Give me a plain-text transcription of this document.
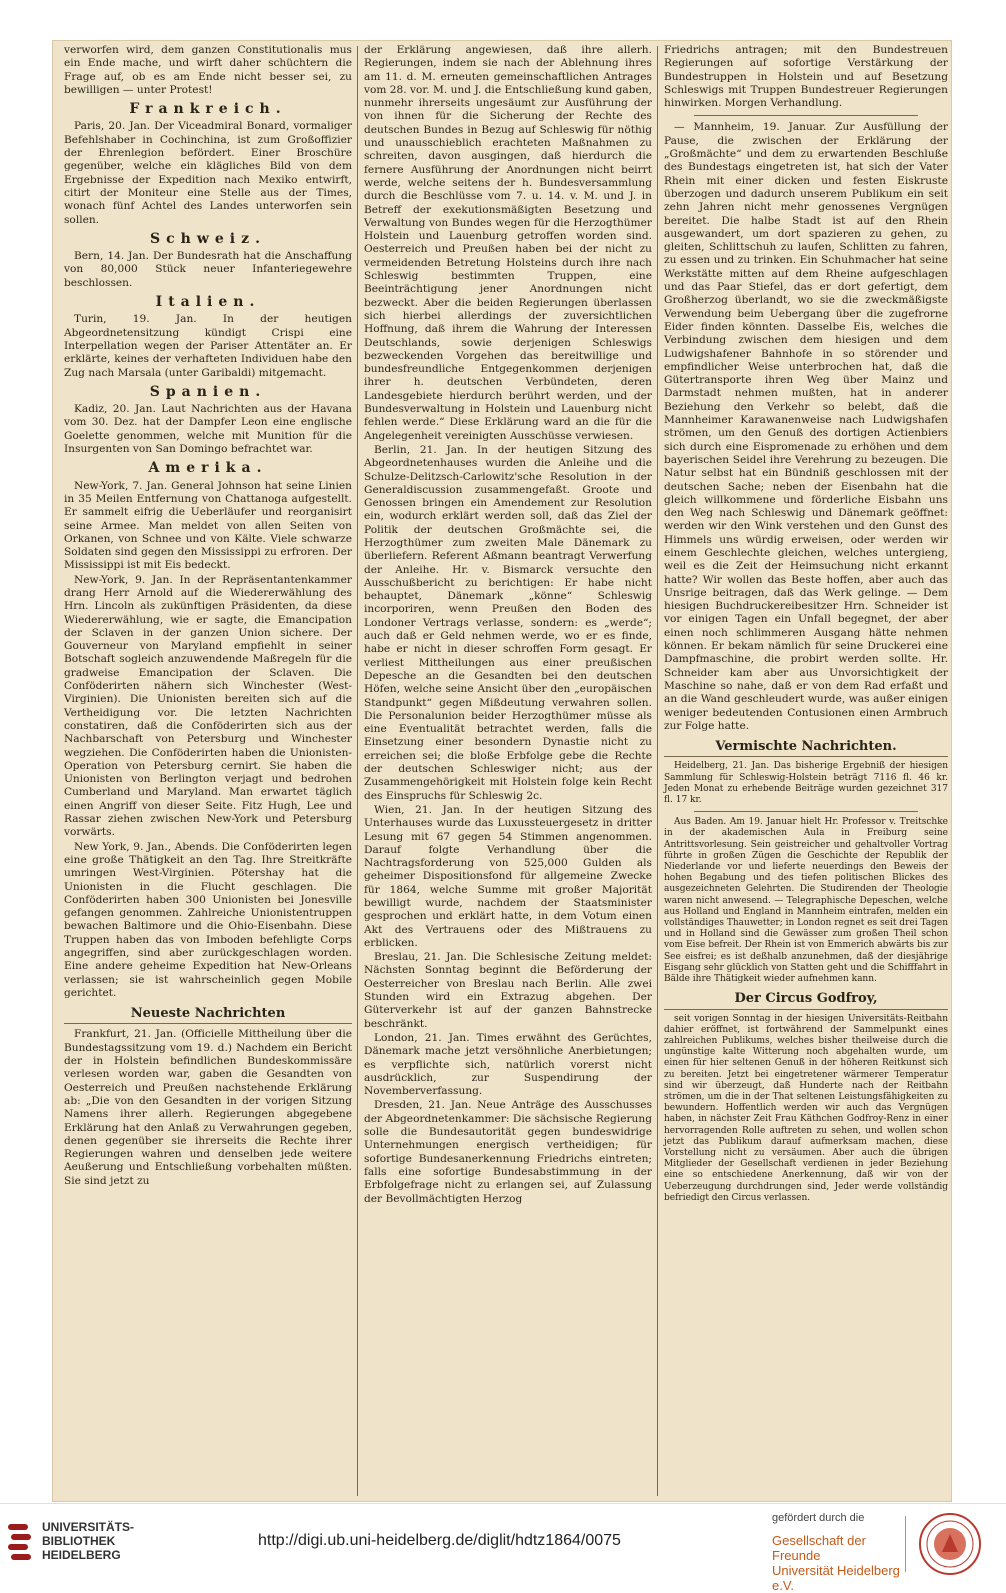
verworfen wird, dem ganzen Constitutionalis mus ein Ende mache, und wirft daher schüchtern die Frage auf, ob es am Ende nicht besser sei, zu bewilligen — unter Protest!

Frankreich.

Paris, 20. Jan. Der Viceadmiral Bonard, vormaliger Befehlshaber in Cochinchina, ist zum Großoffizier der Ehrenlegion befördert. Einer Broschüre gegenüber, welche ein klägliches Bild von dem Ergebnisse der Expedition nach Mexiko entwirft, citirt der Moniteur eine Stelle aus der Times, wonach fünf Achtel des Landes unterworfen sein sollen.

Schweiz.

Bern, 14. Jan. Der Bundesrath hat die Anschaffung von 80,000 Stück neuer Infanteriegewehre beschlossen.

Italien.

Turin, 19. Jan. In der heutigen Abgeordnetensitzung kündigt Crispi eine Interpellation wegen der Pariser Attentäter an. Er erklärte, keines der verhafteten Individuen habe den Zug nach Marsala (unter Garibaldi) mitgemacht.

Spanien.

Kadiz, 20. Jan. Laut Nachrichten aus der Havana vom 30. Dez. hat der Dampfer Leon eine englische Goelette genommen, welche mit Munition für die Insurgenten von San Domingo befrachtet war.

Amerika.

New-York, 7. Jan. General Johnson hat seine Linien in 35 Meilen Entfernung von Chattanoga aufgestellt. Er sammelt eifrig die Ueberläufer und reorganisirt seine Armee. Man meldet von allen Seiten von Orkanen, von Schnee und von Kälte. Viele schwarze Soldaten sind gegen den Mississippi zu erfroren. Der Mississippi ist mit Eis bedeckt.

New-York, 9. Jan. In der Repräsentantenkammer drang Herr Arnold auf die Wiedererwählung des Hrn. Lincoln als zukünftigen Präsidenten, da diese Wiedererwählung, wie er sagte, die Emancipation der Sclaven in der ganzen Union sichere. Der Gouverneur von Maryland empfiehlt in seiner Botschaft sogleich anzuwendende Maßregeln für die gradweise Emancipation der Sclaven. Die Conföderirten nähern sich Winchester (West-Virginien). Die Unionisten bereiten sich auf die Vertheidigung vor. Die letzten Nachrichten constatiren, daß die Conföderirten sich aus der Nachbarschaft von Petersburg und Winchester wegziehen. Die Conföderirten haben die Unionisten-Operation von Petersburg cernirt. Sie haben die Unionisten von Berlington verjagt und bedrohen Cumberland und Maryland. Man erwartet täglich einen Angriff von dieser Seite. Fitz Hugh, Lee und Rassar ziehen zwischen New-York und Petersburg vorwärts.

New York, 9. Jan., Abends. Die Conföderirten legen eine große Thätigkeit an den Tag. Ihre Streitkräfte umringen West-Virginien. Pötershay hat die Unionisten in die Flucht geschlagen. Die Conföderirten haben 300 Unionisten bei Jonesville gefangen genommen. Zahlreiche Unionistentruppen bewachen Baltimore und die Ohio-Eisenbahn. Diese Truppen haben das von Imboden befehligte Corps angegriffen, sind aber zurückgeschlagen worden. Eine andere geheime Expedition hat New-Orleans verlassen; sie ist wahrscheinlich gegen Mobile gerichtet.

Neueste Nachrichten

Frankfurt, 21. Jan. (Officielle Mittheilung über die Bundestagssitzung vom 19. d.) Nachdem ein Bericht der in Holstein befindlichen Bundeskommissäre verlesen worden war, gaben die Gesandten von Oesterreich und Preußen nachstehende Erklärung ab: „Die von den Gesandten in der vorigen Sitzung Namens ihrer allerh. Regierungen abgegebene Erklärung hat den Anlaß zu Verwahrungen gegeben, denen gegenüber sie ihrerseits die Rechte ihrer Regierungen wahren und denselben jede weitere Aeußerung und Entschließung vorbehalten müßten. Sie sind jetzt zu

der Erklärung angewiesen, daß ihre allerh. Regierungen, indem sie nach der Ablehnung ihres am 11. d. M. erneuten gemeinschaftlichen Antrages vom 28. vor. M. und J. die Entschließung kund gaben, nunmehr ihrerseits ungesäumt zur Ausführung der von ihnen für die Sicherung der Rechte des deutschen Bundes in Bezug auf Schleswig für nöthig und unausschieblich erachteten Maßnahmen zu schreiten, davon ausgingen, daß hierdurch die fernere Ausführung der Anordnungen nicht beirrt werde, welche seitens der h. Bundesversammlung durch die Beschlüsse vom 7. u. 14. v. M. und J. in Betreff der exekutionsmäßigten Besetzung und Verwaltung von Bundes wegen für die Herzogthümer Holstein und Lauenburg getroffen worden sind. Oesterreich und Preußen haben bei der nicht zu vermeidenden Betretung Holsteins durch ihre nach Schleswig bestimmten Truppen, eine Beeinträchtigung jener Anordnungen nicht bezweckt. Aber die beiden Regierungen überlassen sich hierbei allerdings der zuversichtlichen Hoffnung, daß ihrem die Wahrung der Interessen Deutschlands, sowie derjenigen Schleswigs bezweckenden Vorgehen das bereitwillige und bundesfreundliche Entgegenkommen derjenigen ihrer h. deutschen Verbündeten, deren Landesgebiete hierdurch berührt werden, und der Bundesverwaltung in Holstein und Lauenburg nicht fehlen werde.“ Diese Erklärung ward an die für die Angelegenheit vereinigten Ausschüsse verwiesen.

Berlin, 21. Jan. In der heutigen Sitzung des Abgeordnetenhauses wurden die Anleihe und die Schulze-Delitzsch-Carlowitz'sche Resolution in der Generaldiscussion zusammengefaßt. Groote und Genossen bringen ein Amendement zur Resolution ein, wodurch erklärt werden soll, daß das Ziel der Politik der deutschen Großmächte sei, die Herzogthümer zum zweiten Male Dänemark zu überliefern. Referent Aßmann beantragt Verwerfung der Anleihe. Hr. v. Bismarck versuchte den Ausschußbericht zu berichtigen: Er habe nicht behauptet, Dänemark „könne“ Schleswig incorporiren, wenn Preußen den Boden des Londoner Vertrags verlasse, sondern: es „werde“; auch daß er Geld nehmen werde, wo er es finde, habe er nicht in dieser schroffen Form gesagt. Er verliest Mittheilungen aus einer preußischen Depesche an die Gesandten bei den deutschen Höfen, welche seine Ansicht über den „europäischen Standpunkt“ gegen Mißdeutung verwahren sollen. Die Personalunion beider Herzogthümer müsse als eine Eventualität betrachtet werden, falls die Einsetzung einer besondern Dynastie nicht zu erreichen sei; die bloße Erbfolge gebe die Rechte der deutschen Schleswiger nicht; aus der Zusammengehörigkeit mit Holstein folge kein Recht des Einspruchs für Schleswig 2c.

Wien, 21. Jan. In der heutigen Sitzung des Unterhauses wurde das Luxussteuergesetz in dritter Lesung mit 67 gegen 54 Stimmen angenommen. Darauf folgte Verhandlung über die Nachtragsforderung von 525,000 Gulden als geheimer Dispositionsfond für allgemeine Zwecke für 1864, welche Summe mit großer Majorität bewilligt wurde, nachdem der Staatsminister gesprochen und erklärt hatte, in dem Votum einen Akt des Vertrauens oder des Mißtrauens zu erblicken.

Breslau, 21. Jan. Die Schlesische Zeitung meldet: Nächsten Sonntag beginnt die Beförderung der Oesterreicher von Breslau nach Berlin. Alle zwei Stunden wird ein Extrazug abgehen. Der Güterverkehr ist auf der ganzen Bahnstrecke beschränkt.

London, 21. Jan. Times erwähnt des Gerüchtes, Dänemark mache jetzt versöhnliche Anerbietungen; es verpflichte sich, natürlich vorerst nicht ausdrücklich, zur Suspendirung der Novemberverfassung.

Dresden, 21. Jan. Neue Anträge des Ausschusses der Abgeordnetenkammer: Die sächsische Regierung solle die Bundesautorität gegen bundeswidrige Unternehmungen energisch vertheidigen; für sofortige Bundesanerkennung Friedrichs eintreten; falls eine sofortige Bundesabstimmung in der Erbfolgefrage nicht zu erlangen sei, auf Zulassung der Bevollmächtigten Herzog

Friedrichs antragen; mit den Bundestreuen Regierungen auf sofortige Verstärkung der Bundestruppen in Holstein und auf Besetzung Schleswigs mit Truppen Bundestreuer Regierungen hinwirken. Morgen Verhandlung.

— Mannheim, 19. Januar. Zur Ausfüllung der Pause, die zwischen der Erklärung der „Großmächte“ und dem zu erwartenden Beschluße des Bundestags eingetreten ist, hat sich der Vater Rhein mit einer dicken und festen Eiskruste überzogen und dadurch unserem Publikum ein seit zehn Jahren nicht mehr genossenes Vergnügen bereitet. Die halbe Stadt ist auf den Rhein ausgewandert, um dort spazieren zu gehen, zu gleiten, Schlittschuh zu laufen, Schlitten zu fahren, zu essen und zu trinken. Ein Schuhmacher hat seine Werkstätte mitten auf dem Rheine aufgeschlagen und das Paar Stiefel, das er dort gefertigt, dem Großherzog überlandt, wo sie die zweckmäßigste Verwendung beim Uebergang über die zugefrorne Eider finden könnten. Dasselbe Eis, welches die Verbindung zwischen dem hiesigen und dem Ludwigshafener Bahnhofe in so störender und empfindlicher Weise unterbrochen hat, daß die Gütertransporte ihren Weg über Mainz und Darmstadt nehmen mußten, hat in anderer Beziehung den Verkehr so belebt, daß die Mannheimer Karawanenweise nach Ludwigshafen strömen, um den Genuß des dortigen Actienbiers sich durch eine Eispromenade zu erhöhen und dem bayerischen Seidel ihre Verehrung zu bezeugen. Die Natur selbst hat ein Bündniß geschlossen mit der deutschen Sache; neben der Eisenbahn hat die gleich willkommene und förderliche Eisbahn uns den Weg nach Schleswig und Dänemark geöffnet: werden wir den Wink verstehen und den Gunst des Himmels uns würdig erweisen, oder werden wir einem Geschlechte gleichen, welches untergieng, weil es die Zeit der Heimsuchung nicht erkannt hatte? Wir wollen das Beste hoffen, aber auch das Unsrige beitragen, daß das Werk gelinge. — Dem hiesigen Buchdruckereibesitzer Hrn. Schneider ist vor einigen Tagen ein Unfall begegnet, der aber einen noch schlimmeren Ausgang hätte nehmen können. Er bekam nämlich für seine Druckerei eine Dampfmaschine, die probirt werden sollte. Hr. Schneider kam aber aus Unvorsichtigkeit der Maschine so nahe, daß er von dem Rad erfaßt und an die Wand geschleudert wurde, was außer einigen weniger bedeutenden Contusionen einen Armbruch zur Folge hatte.

Vermischte Nachrichten.

Heidelberg, 21. Jan. Das bisherige Ergebniß der hiesigen Sammlung für Schleswig-Holstein beträgt 7116 fl. 46 kr. Jeden Monat zu erhebende Beiträge wurden gezeichnet 317 fl. 17 kr.

Aus Baden. Am 19. Januar hielt Hr. Professor v. Treitschke in der akademischen Aula in Freiburg seine Antrittsvorlesung. Sein geistreicher und gehaltvoller Vortrag führte in großen Zügen die Geschichte der Republik der Niederlande vor und lieferte neuerdings den Beweis der hohen Begabung und des tiefen politischen Blickes des ausgezeichneten Gelehrten. Die Studirenden der Theologie waren nicht anwesend. — Telegraphische Depeschen, welche aus Holland und England in Mannheim eintrafen, melden ein vollständiges Thauwetter; in London regnet es seit drei Tagen und in Holland sind die Gewässer zum großen Theil schon vom Eise befreit. Der Rhein ist von Emmerich abwärts bis zur See eisfrei; es ist deßhalb anzunehmen, daß der diesjährige Eisgang sehr glücklich von Statten geht und die Schifffahrt in Bälde ihre Thätigkeit wieder aufnehmen kann.

Der Circus Godfroy,

seit vorigen Sonntag in der hiesigen Universitäts-Reitbahn dahier eröffnet, ist fortwährend der Sammelpunkt eines zahlreichen Publikums, welches bisher theilweise durch die ungünstige kalte Witterung noch abgehalten wurde, um einen für hier seltenen Genuß in der höheren Reitkunst sich zu bereiten. Jetzt bei eingetretener wärmerer Temperatur sind wir überzeugt, daß Hunderte nach der Reitbahn strömen, um die in der That seltenen Leistungsfähigkeiten zu bewundern. Hoffentlich werden wir auch das Vergnügen haben, in nächster Zeit Frau Käthchen Godfroy-Renz in einer hervorragenden Rolle auftreten zu sehen, und wollen schon jetzt das Publikum darauf aufmerksam machen, diese Vorstellung nicht zu versäumen. Aber auch die übrigen Mitglieder der Gesellschaft verdienen in jeder Beziehung eine so entschiedene Anerkennung, daß wir von der Ueberzeugung durchdrungen sind, Jeder werde vollständig befriedigt den Circus verlassen.

UNIVERSITÄTS-
BIBLIOTHEK
HEIDELBERG
http://digi.ub.uni-heidelberg.de/diglit/hdtz1864/0075
gefördert durch die
Gesellschaft der Freunde
Universität Heidelberg e.V.
